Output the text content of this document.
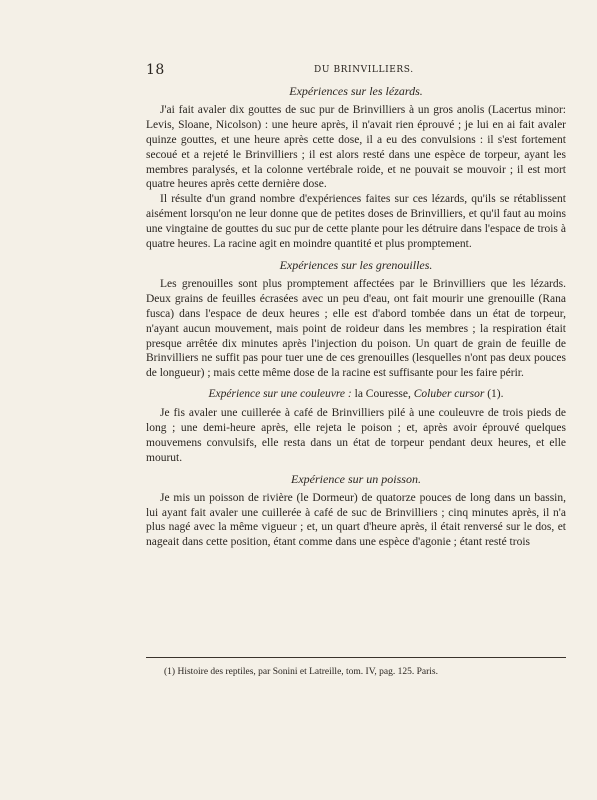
18	DU BRINVILLIERS.
Expériences sur les lézards.

J'ai fait avaler dix gouttes de suc pur de Brinvilliers à un gros anolis (Lacertus minor: Levis, Sloane, Nicolson) : une heure après, il n'avait rien éprouvé ; je lui en ai fait avaler quinze gouttes, et une heure après cette dose, il a eu des convulsions : il s'est fortement secoué et a rejeté le Brinvilliers ; il est alors resté dans une espèce de torpeur, ayant les membres paralysés, et la colonne vertébrale roide, et ne pouvait se mouvoir ; il est mort quatre heures après cette dernière dose.

Il résulte d'un grand nombre d'expériences faites sur ces lézards, qu'ils se rétablissent aisément lorsqu'on ne leur donne que de petites doses de Brinvilliers, et qu'il faut au moins une vingtaine de gouttes du suc pur de cette plante pour les détruire dans l'espace de trois à quatre heures. La racine agit en moindre quantité et plus promptement.

Expériences sur les grenouilles.

Les grenouilles sont plus promptement affectées par le Brinvilliers que les lézards. Deux grains de feuilles écrasées avec un peu d'eau, ont fait mourir une grenouille (Rana fusca) dans l'espace de deux heures ; elle est d'abord tombée dans un état de torpeur, n'ayant aucun mouvement, mais point de roideur dans les membres ; la respiration était presque arrêtée dix minutes après l'injection du poison. Un quart de grain de feuille de Brinvilliers ne suffit pas pour tuer une de ces grenouilles (lesquelles n'ont pas deux pouces de longueur) ; mais cette même dose de la racine est suffisante pour les faire périr.

Expérience sur une couleuvre : la Couresse, Coluber cursor (1).

Je fis avaler une cuillerée à café de Brinvilliers pilé à une couleuvre de trois pieds de long ; une demi-heure après, elle rejeta le poison ; et, après avoir éprouvé quelques mouvemens convulsifs, elle resta dans un état de torpeur pendant deux heures, et elle mourut.

Expérience sur un poisson.

Je mis un poisson de rivière (le Dormeur) de quatorze pouces de long dans un bassin, lui ayant fait avaler une cuillerée à café de suc de Brinvilliers ; cinq minutes après, il n'a plus nagé avec la même vigueur ; et, un quart d'heure après, il était renversé sur le dos, et nageait dans cette position, étant comme dans une espèce d'agonie ; étant resté trois

(1) Histoire des reptiles, par Sonini et Latreille, tom. IV, pag. 125. Paris.
